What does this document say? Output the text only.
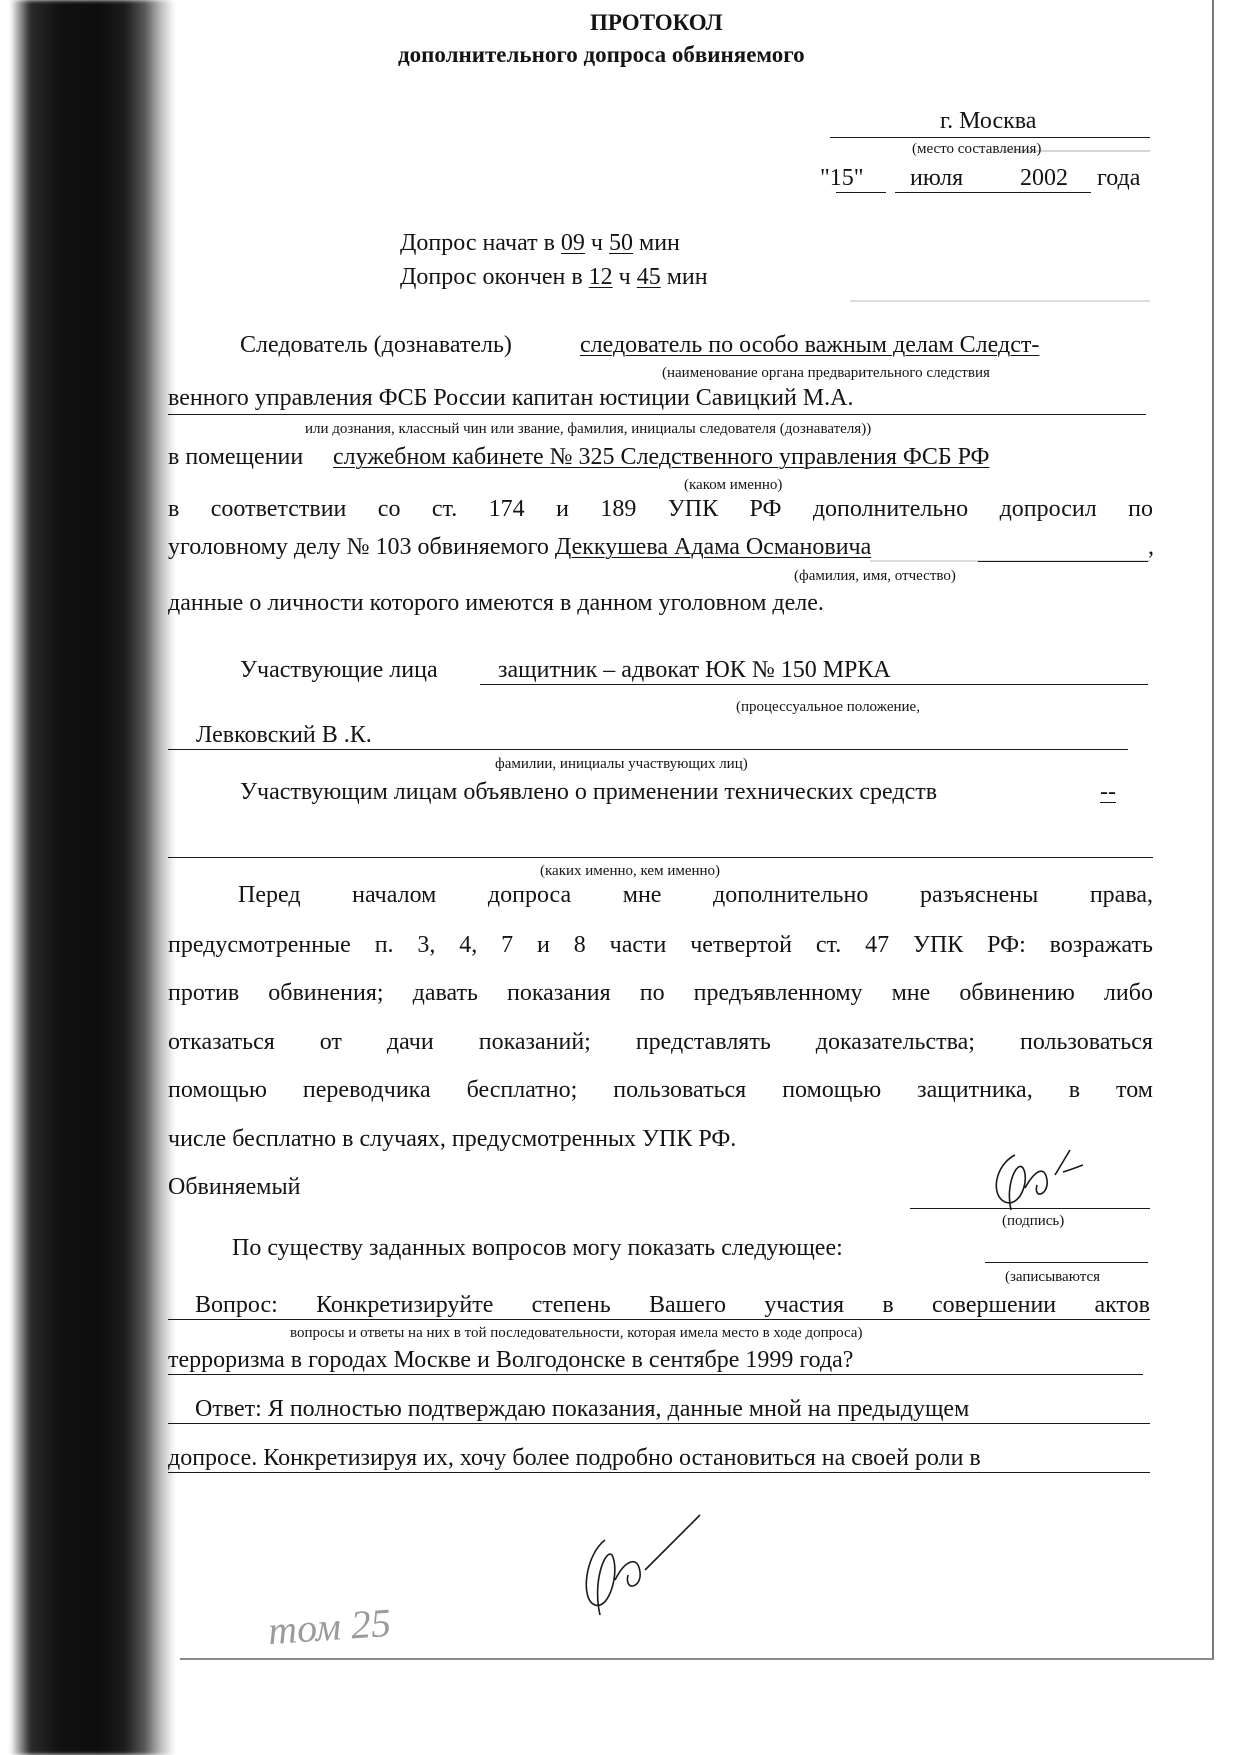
ПРОТОКОЛ
дополнительного допроса обвиняемого
г. Москва
(место составления)
"15" июля 2002 года
Допрос начат в 09 ч 50 мин
Допрос окончен в 12 ч 45 мин
Следователь (дознаватель)	следователь по особо важным делам Следст-
(наименование органа предварительного следствия
венного управления ФСБ России капитан юстиции Савицкий М.А.
или дознания, классный чин или звание, фамилия, инициалы следователя (дознавателя))
в помещении служебном кабинете № 325 Следственного управления ФСБ РФ
(каком именно)
в соответствии со ст. 174 и 189 УПК РФ дополнительно допросил по
уголовному делу № 103 обвиняемого Деккушева Адама Османовича	,
(фамилия, имя, отчество)
данные о личности которого имеются в данном уголовном деле.
Участвующие лица	защитник – адвокат ЮК № 150 МРКА
(процессуальное положение,
Левковский В .К.
фамилии, инициалы участвующих лиц)
Участвующим лицам объявлено о применении технических средств	--
(каких именно, кем именно)
Перед началом допроса мне дополнительно разъяснены права,
предусмотренные п. 3, 4, 7 и 8 части четвертой ст. 47 УПК РФ: возражать
против обвинения; давать показания по предъявленному мне обвинению либо
отказаться от дачи показаний; представлять доказательства; пользоваться
помощью переводчика бесплатно; пользоваться помощью защитника, в том
числе бесплатно в случаях, предусмотренных УПК РФ.
Обвиняемый
(подпись)
По существу заданных вопросов могу показать следующее:
(записываются
Вопрос: Конкретизируйте степень Вашего участия в совершении актов
вопросы и ответы на них в той последовательности, которая имела место в ходе допроса)
терроризма в городах Москве и Волгодонске в сентябре 1999 года?
Ответ: Я полностью подтверждаю показания, данные мной на предыдущем
допросе. Конкретизируя их, хочу более подробно остановиться на своей роли в
том 25
